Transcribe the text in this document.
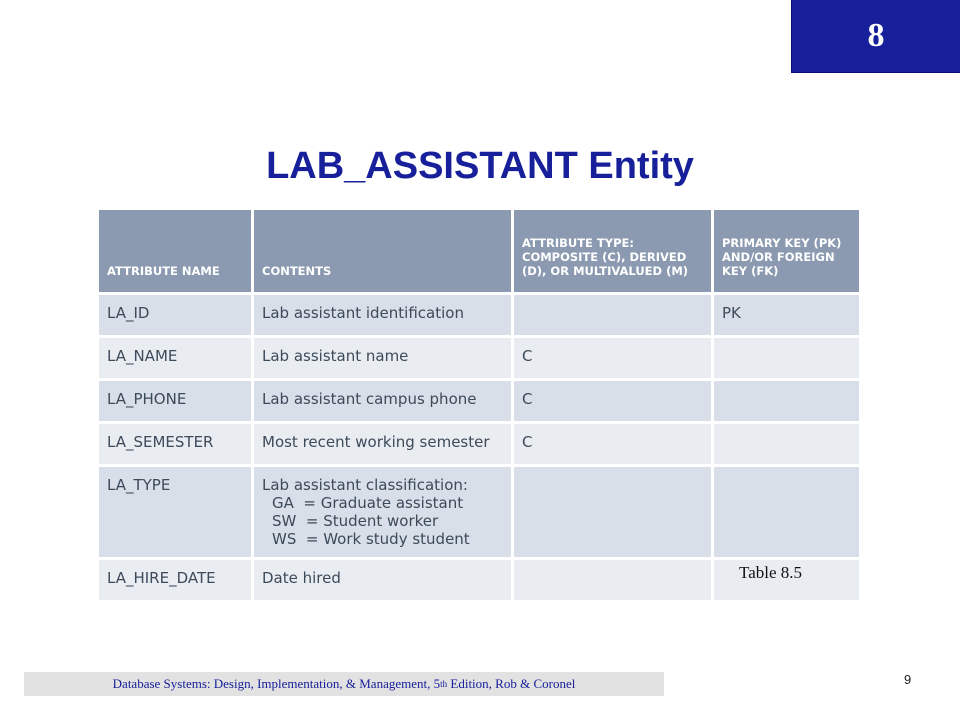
8
LAB_ASSISTANT Entity
ATTRIBUTE NAME	CONTENTS	ATTRIBUTE TYPE: COMPOSITE (C), DERIVED (D), OR MULTIVALUED (M)	PRIMARY KEY (PK) AND/OR FOREIGN KEY (FK)
LA_ID	Lab assistant identification		PK
LA_NAME	Lab assistant name	C	
LA_PHONE	Lab assistant campus phone	C	
LA_SEMESTER	Most recent working semester	C	
LA_TYPE	Lab assistant classification:
GA  = Graduate assistant
SW  = Student worker
WS  = Work study student		

LA_HIRE_DATE	Date hired			Table 8.5

Database Systems: Design, Implementation, & Management, 5 th Edition, Rob & Coronel	9
